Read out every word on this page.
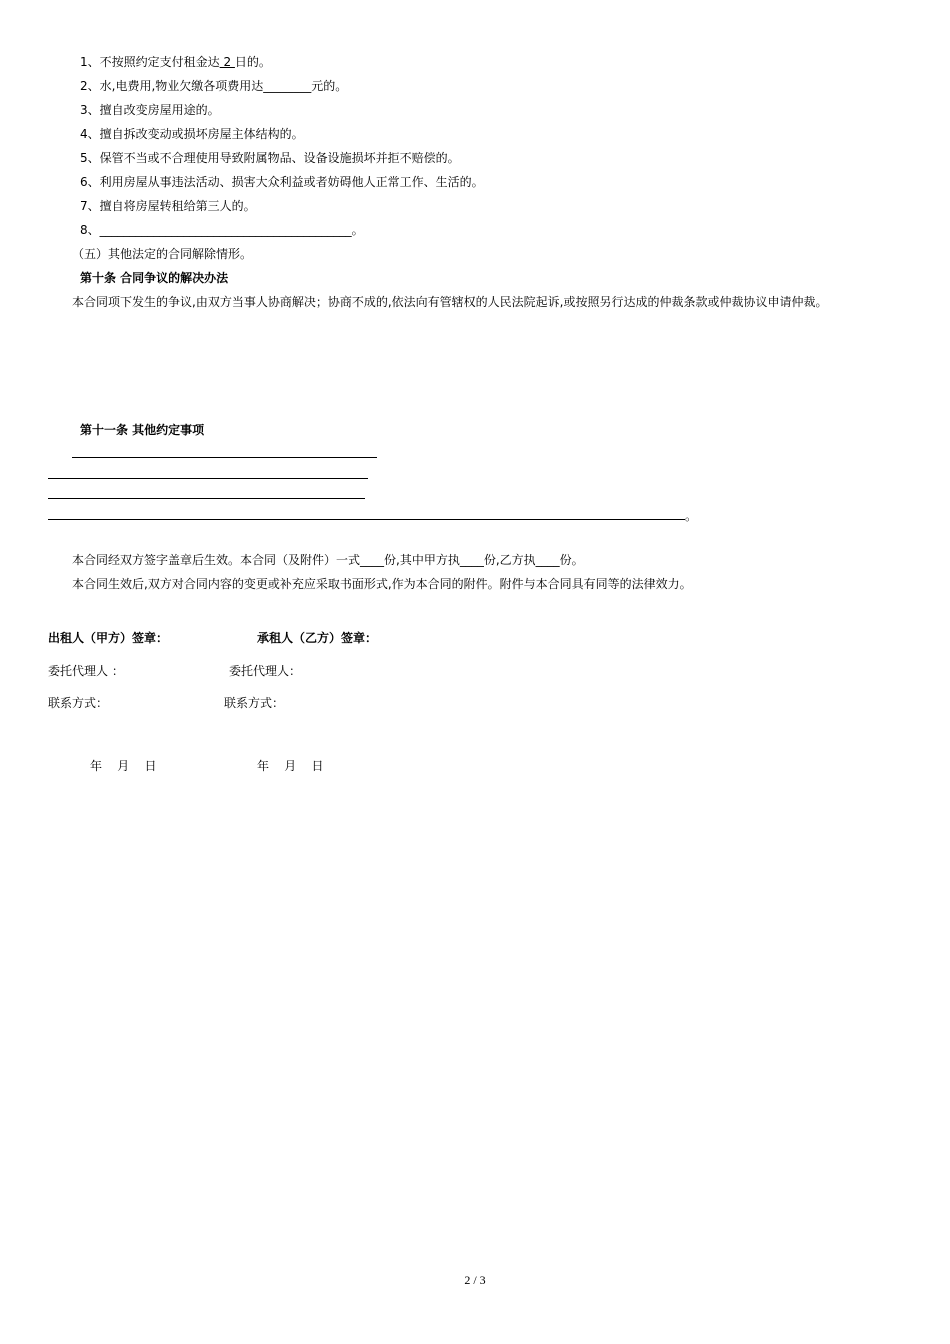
1、不按照约定支付租金达 2 日的。
2、水,电费用,物业欠缴各项费用达________元的。
3、擅自改变房屋用途的。
4、擅自拆改变动或损坏房屋主体结构的。
5、保管不当或不合理使用导致附属物品、设备设施损坏并拒不赔偿的。
6、利用房屋从事违法活动、损害大众利益或者妨碍他人正常工作、生活的。
7、擅自将房屋转租给第三人的。
8、__________________________________________。
（五）其他法定的合同解除情形。
第十条 合同争议的解决办法
本合同项下发生的争议,由双方当事人协商解决；协商不成的,依法向有管辖权的人民法院起诉,或按照另行达成的仲裁条款或仲裁协议申请仲裁。
第十一条 其他约定事项
。
本合同经双方签字盖章后生效。本合同（及附件）一式____份,其中甲方执____份,乙方执____份。
本合同生效后,双方对合同内容的变更或补充应采取书面形式,作为本合同的附件。附件与本合同具有同等的法律效力。
出租人（甲方）签章：	承租人（乙方）签章：
委托代理人 ：	委托代理人：
联系方式：	联系方式：
年    月    日	年    月    日
2 / 3
